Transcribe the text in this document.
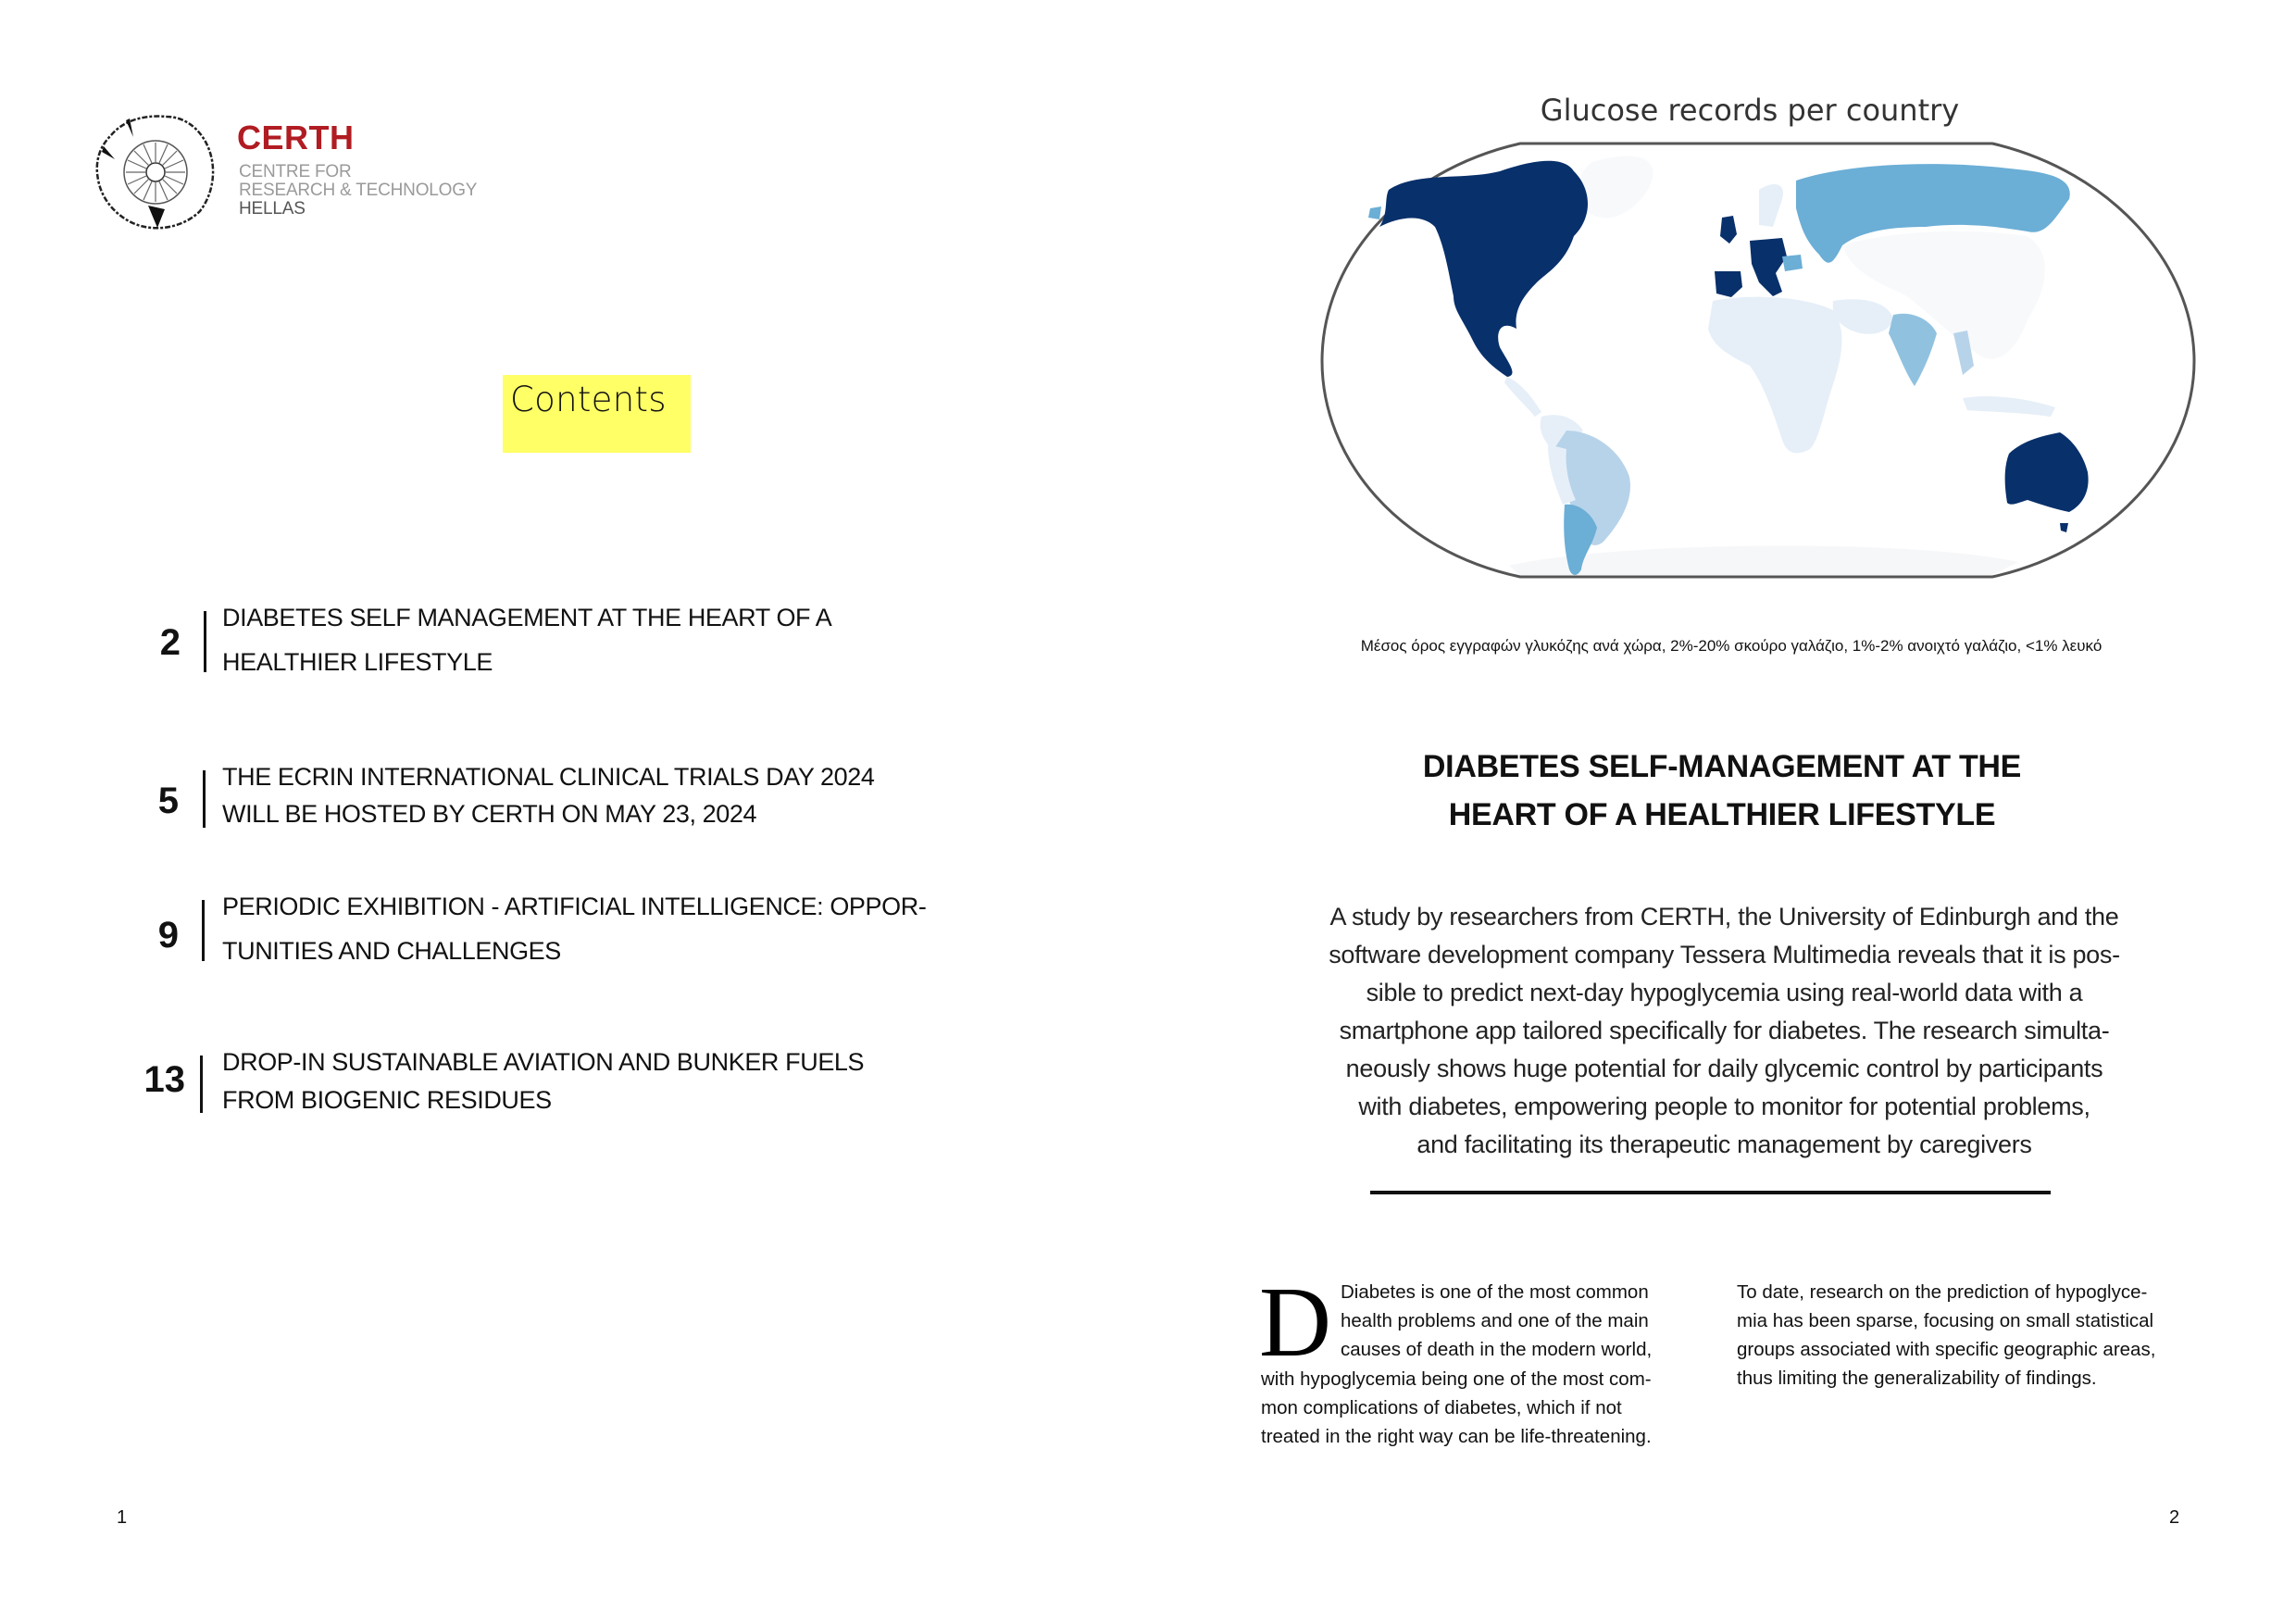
CERTH
CENTRE FOR
RESEARCH & TECHNOLOGY
HELLAS
Contents
2
DIABETES SELF MANAGEMENT AT THE HEART OF A
HEALTHIER LIFESTYLE
5
THE ECRIN INTERNATIONAL CLINICAL TRIALS DAY 2024
WILL BE HOSTED BY CERTH ON MAY 23, 2024
9
PERIODIC EXHIBITION - ARTIFICIAL INTELLIGENCE: OPPOR-
TUNITIES AND CHALLENGES
13 DROP-IN SUSTAINABLE AVIATION AND BUNKER FUELS
FROM BIOGENIC RESIDUES
1
Glucose records per country
Μέσος όρος εγγραφών γλυκόζης ανά χώρα, 2%-20% σκούρο γαλάζιο, 1%-2% ανοιχτό γαλάζιο, <1% λευκό
DIABETES SELF-MANAGEMENT AT THE
HEART OF A HEALTHIER LIFESTYLE
A study by researchers from CERTH, the University of Edinburgh and the
software development company Tessera Multimedia reveals that it is pos-
sible to predict next-day hypoglycemia using real-world data with a
smartphone app tailored specifically for diabetes. The research simulta-
neously shows huge potential for daily glycemic control by participants
with diabetes, empowering people to monitor for potential problems,
and facilitating its therapeutic management by caregivers
D Diabetes is one of the most common
health problems and one of the main
causes of death in the modern world,
with hypoglycemia being one of the most com-
mon complications of diabetes, which if not
treated in the right way can be life-threatening.
To date, research on the prediction of hypoglyce-
mia has been sparse, focusing on small statistical
groups associated with specific geographic areas,
thus limiting the generalizability of findings.
2
